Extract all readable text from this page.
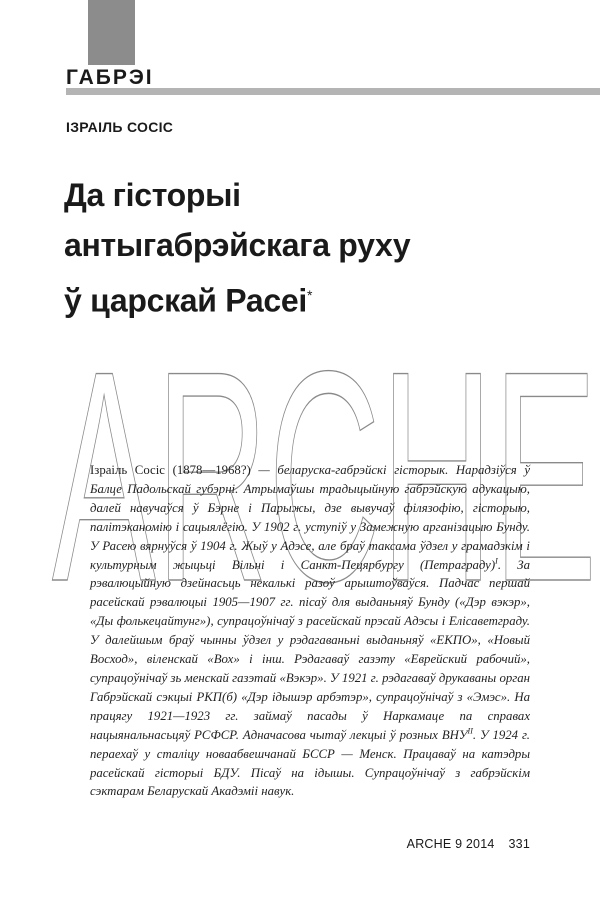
ГАБРЭІ

ІЗРАІЛЬ СОСІС

Да гісторыі
антыгабрэйскага руху
ў царскай Расеі*
ARCHE

Ізраіль Сосіс (1878—1968?) — беларуска-габрэйскі гісторык. Нарадзіўся ў Балце Падольскай губэрні. Атрымаўшы традыцыйную габрэйскую адукацыю, далей навучаўся ў Бэрне і Парыжы, дзе вывучаў філязофію, гісторыю, палітэканомію і сацыялёгію. У 1902 г. уступіў у Замежную арганізацыю Бунду. У Расею вярнуўся ў 1904 г. Жыў у Адэсе, але браў таксама ўдзел у грамадзкім і культурным жыцьці Вільні і Санкт-Пецярбургу (Петраграду)$^I$. За рэвалюцыйную дзейнасьць некалькі разоў арыштоўваўся. Падчас першай расейскай рэвалюцыі 1905—1907 гг. пісаў для выданьняў Бунду («Дэр вэкэр», «Ды фолькецайтунг»), супрацоўнічаў з расейскай прэсай Адэсы і Елісаветграду. У далейшым браў чынны ўдзел у рэдагаваньні выданьняў «ЕКПО», «Новый Восход», віленскай «Вох» і інш. Рэдагаваў газэту «Еврейский рабочий», супрацоўнічаў зь менскай газэтай «Вэкэр». У 1921 г. рэдагаваў друкаваны орган Габрэйскай сэкцыі РКП(б) «Дэр ідышэр арбэтэр», супрацоўнічаў з «Эмэс». На працягу 1921—1923 гг. займаў пасады ў Наркамаце па справах нацыянальнасьцяў РСФСР. Адначасова чытаў лекцыі ў розных $ВНУ^{II}$. У 1924 г. пераехаў у сталіцу новаабвешчанай БССР — Менск. Працаваў на катэдры расейскай гісторыі БДУ. Пісаў на ідышы. Супрацоўнічаў з габрэйскім сэктарам Беларускай Акадэміі навук.

ARCHE 9 2014 331
